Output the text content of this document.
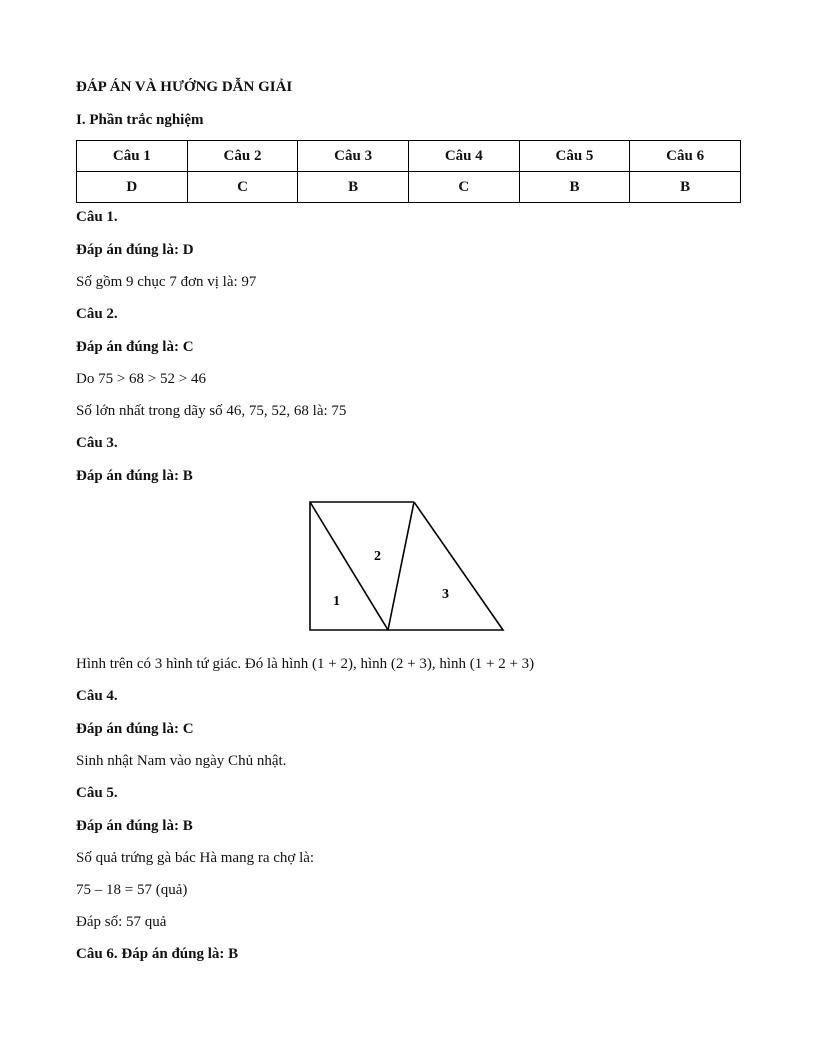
ĐÁP ÁN VÀ HƯỚNG DẪN GIẢI
I. Phần trắc nghiệm
Câu 1	Câu 2	Câu 3	Câu 4	Câu 5	Câu 6
D	C	B	C	B	B
Câu 1.
Đáp án đúng là: D
Số gồm 9 chục 7 đơn vị là: 97
Câu 2.
Đáp án đúng là: C
Do 75 > 68 > 52 > 46
Số lớn nhất trong dãy số 46, 75, 52, 68 là: 75
Câu 3.
Đáp án đúng là: B
1
2
3
Hình trên có 3 hình tứ giác. Đó là hình (1 + 2), hình (2 + 3), hình (1 + 2 + 3)
Câu 4.
Đáp án đúng là: C
Sinh nhật Nam vào ngày Chủ nhật.
Câu 5.
Đáp án đúng là: B
Số quả trứng gà bác Hà mang ra chợ là:
75 – 18 = 57 (quả)
Đáp số: 57 quả
Câu 6. Đáp án đúng là: B
